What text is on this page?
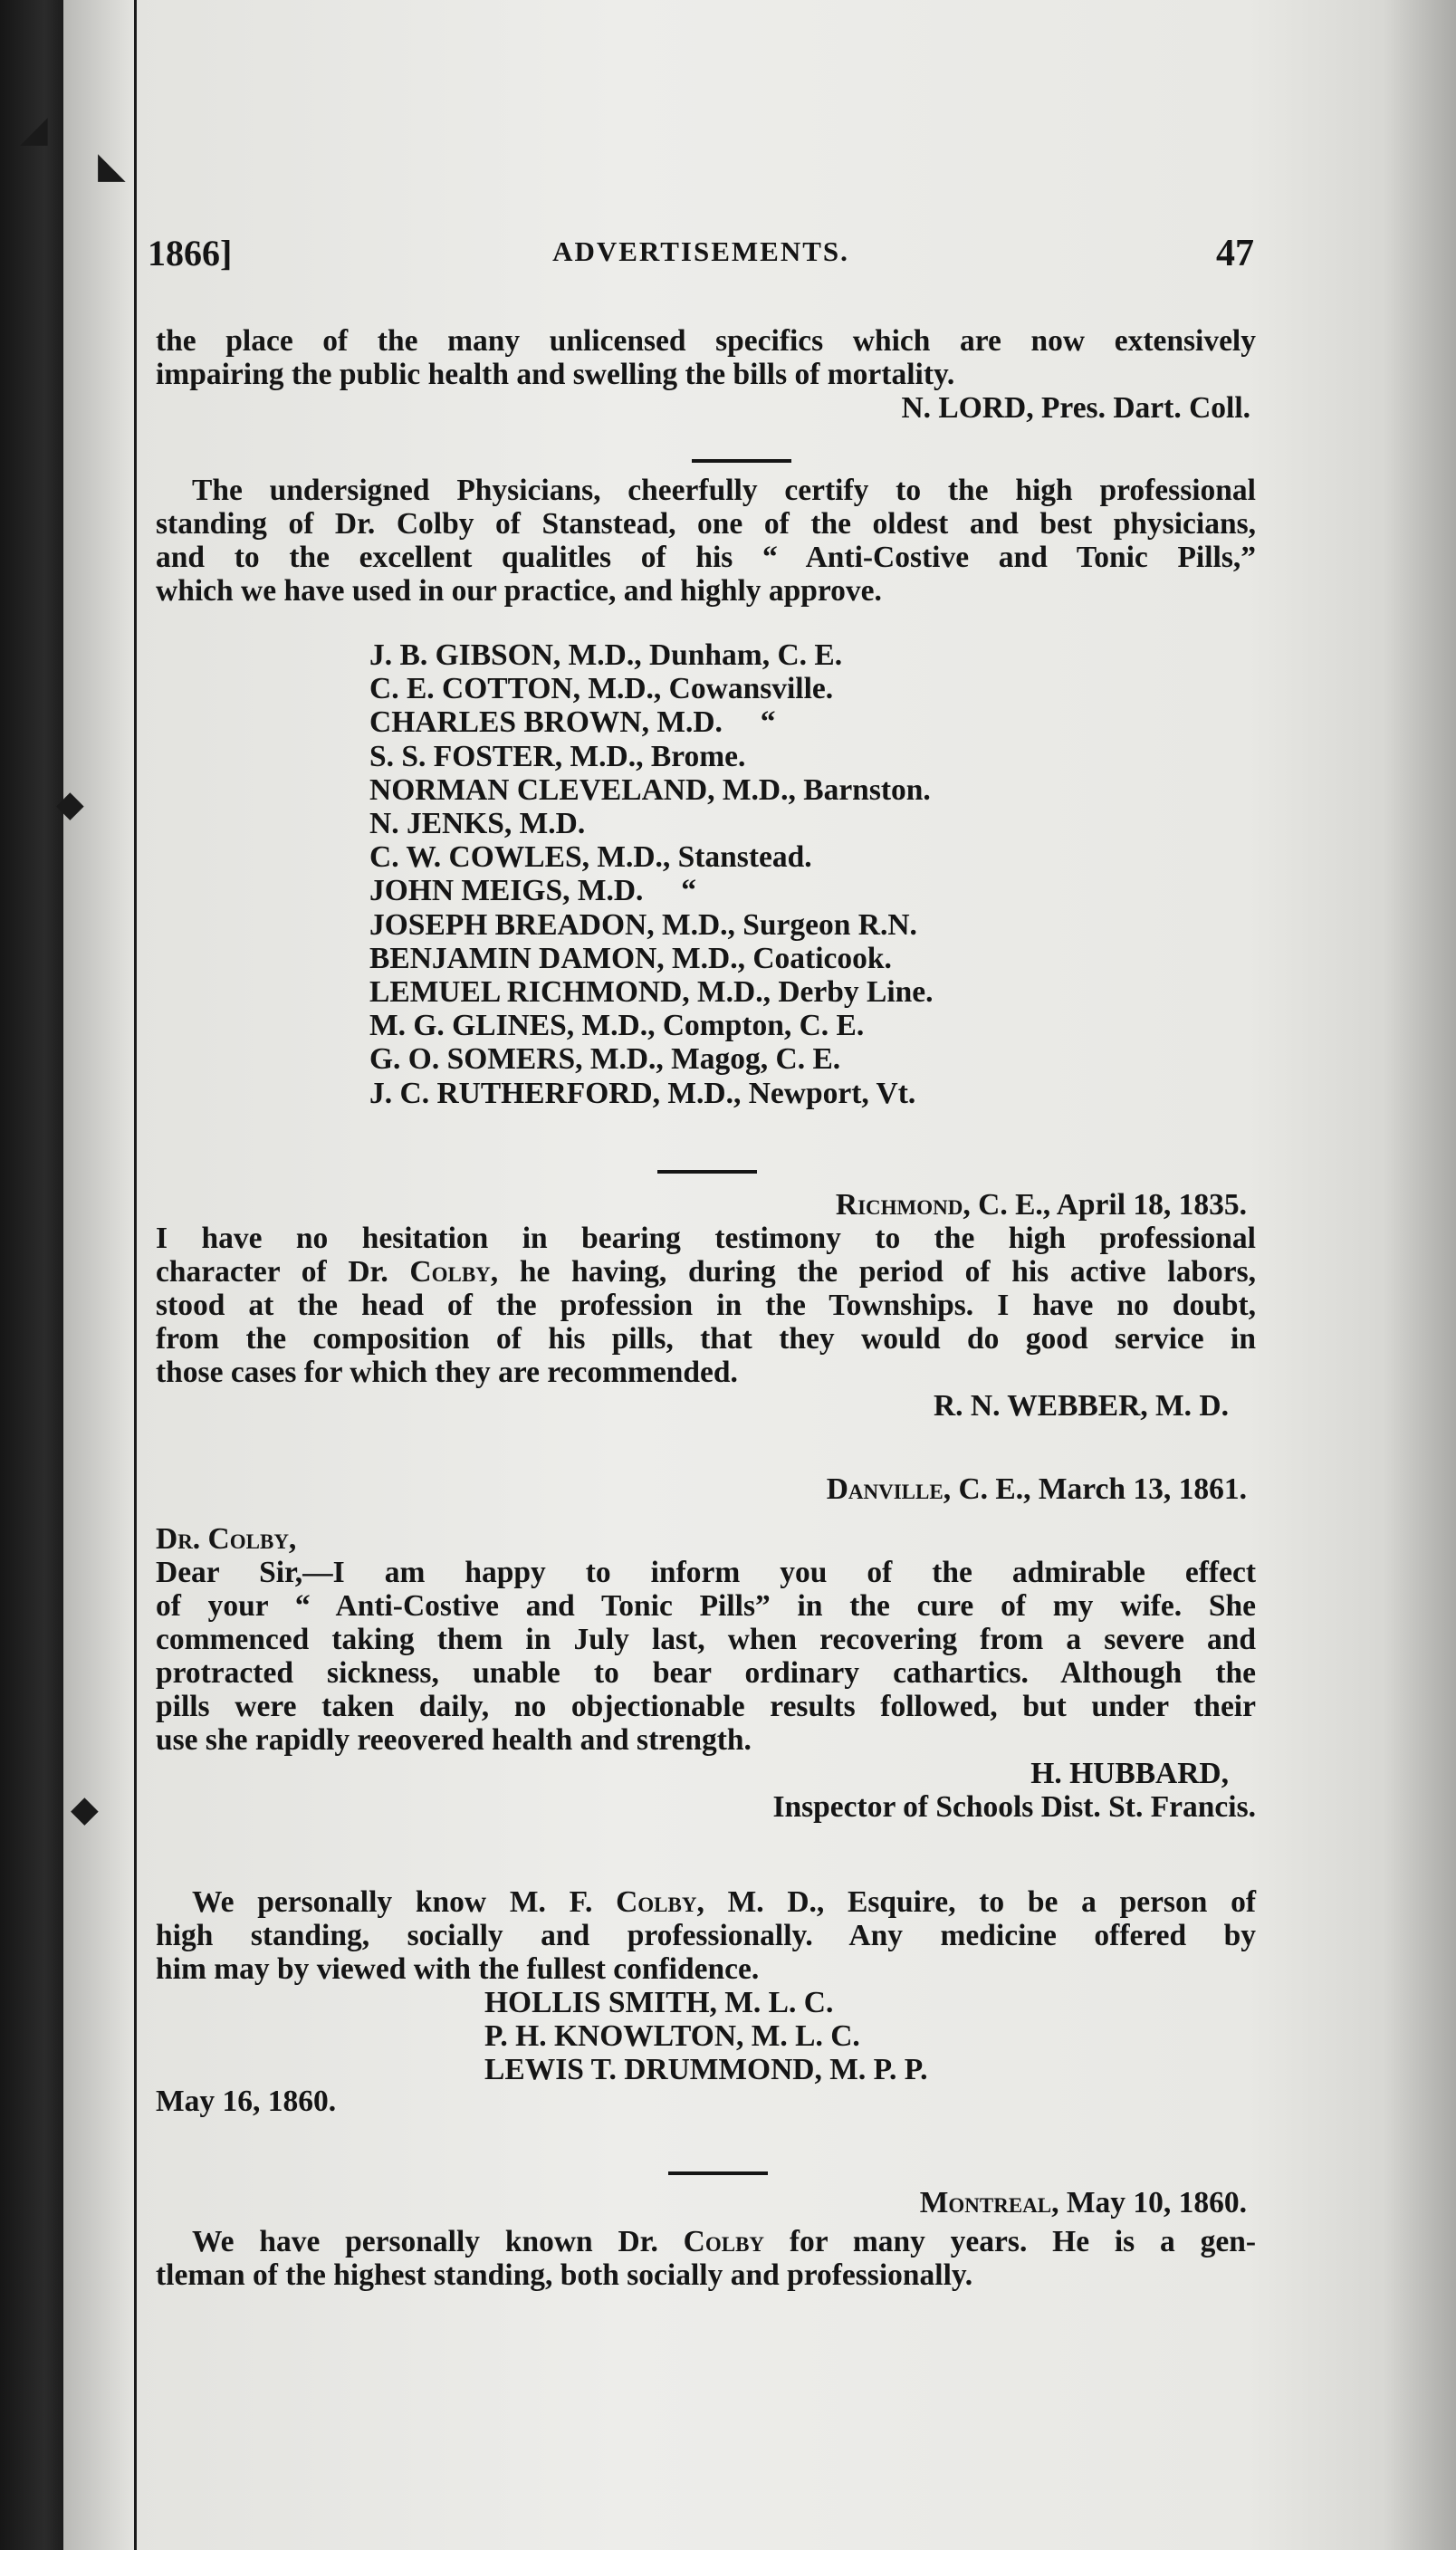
◢
◣
◆
◆
1866]	ADVERTISEMENTS.	47
the place of the many unlicensed specifics which are now extensively
impairing the public health and swelling the bills of mortality.
N. LORD, Pres. Dart. Coll.
The undersigned Physicians, cheerfully certify to the high professional
standing of Dr. Colby of Stanstead, one of the oldest and best physicians,
and to the excellent qualitles of his “ Anti-Costive and Tonic Pills,”
which we have used in our practice, and highly approve.
J. B. GIBSON, M.D., Dunham, C. E.
C. E. COTTON, M.D., Cowansville.
CHARLES BROWN, M.D.     “
S. S. FOSTER, M.D., Brome.
NORMAN CLEVELAND, M.D., Barnston.
N. JENKS, M.D.
C. W. COWLES, M.D., Stanstead.
JOHN MEIGS, M.D.     “
JOSEPH BREADON, M.D., Surgeon R.N.
BENJAMIN DAMON, M.D., Coaticook.
LEMUEL RICHMOND, M.D., Derby Line.
M. G. GLINES, M.D., Compton, C. E.
G. O. SOMERS, M.D., Magog, C. E.
J. C. RUTHERFORD, M.D., Newport, Vt.
Richmond, C. E., April 18, 1835.
I have no hesitation in bearing testimony to the high professional
character of Dr. Colby, he having, during the period of his active labors,
stood at the head of the profession in the Townships. I have no doubt,
from the composition of his pills, that they would do good service in
those cases for which they are recommended.
R. N. WEBBER, M. D.
Danville, C. E., March 13, 1861.
Dr. Colby,
Dear Sir,—I am happy to inform you of the admirable effect
of your “ Anti-Costive and Tonic Pills” in the cure of my wife. She
commenced taking them in July last, when recovering from a severe and
protracted sickness, unable to bear ordinary cathartics. Although the
pills were taken daily, no objectionable results followed, but under their
use she rapidly reeovered health and strength.
H. HUBBARD,
Inspector of Schools Dist. St. Francis.
We personally know M. F. Colby, M. D., Esquire, to be a person of
high standing, socially and professionally. Any medicine offered by
him may by viewed with the fullest confidence.
HOLLIS SMITH, M. L. C.
P. H. KNOWLTON, M. L. C.
LEWIS T. DRUMMOND, M. P. P.
May 16, 1860.
Montreal, May 10, 1860.
We have personally known Dr. Colby for many years. He is a gen-
tleman of the highest standing, both socially and professionally.
